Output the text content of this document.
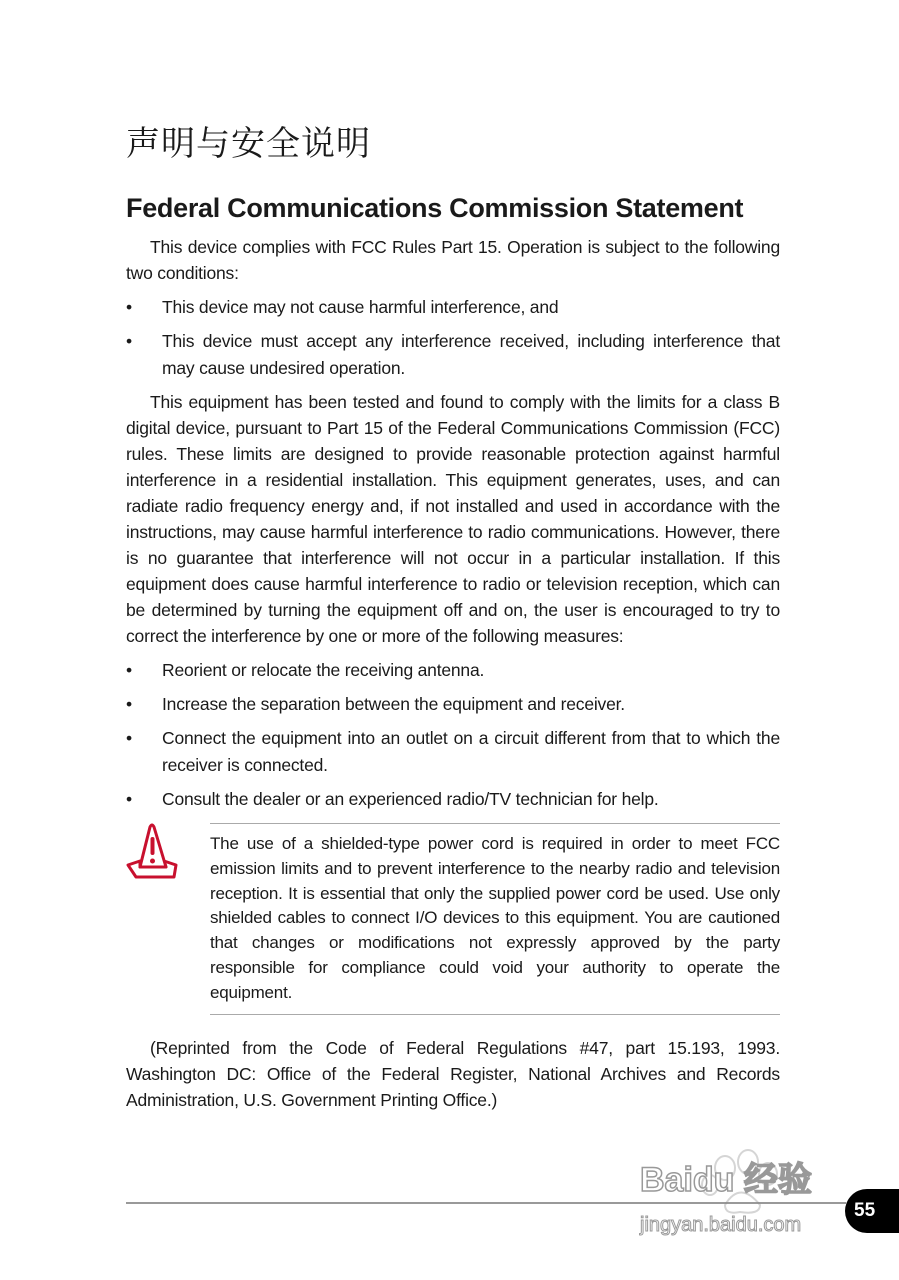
声明与安全说明
Federal Communications Commission Statement
This device complies with FCC Rules Part 15. Operation is subject to the following two conditions:
• This device may not cause harmful interference, and
• This device must accept any interference received, including interference that may cause undesired operation.
This equipment has been tested and found to comply with the limits for a class B digital device, pursuant to Part 15 of the Federal Communications Commission (FCC) rules. These limits are designed to provide reasonable protection against harmful interference in a residential installation. This equipment generates, uses, and can radiate radio frequency energy and, if not installed and used in accordance with the instructions, may cause harmful interference to radio communications. However, there is no guarantee that interference will not occur in a particular installation. If this equipment does cause harmful interference to radio or television reception, which can be determined by turning the equipment off and on, the user is encouraged to try to correct the interference by one or more of the following measures:
• Reorient or relocate the receiving antenna.
• Increase the separation between the equipment and receiver.
• Connect the equipment into an outlet on a circuit different from that to which the receiver is connected.
• Consult the dealer or an experienced radio/TV technician for help.
The use of a shielded-type power cord is required in order to meet FCC emission limits and to prevent interference to the nearby radio and television reception. It is essential that only the supplied power cord be used. Use only shielded cables to connect I/O devices to this equipment. You are cautioned that changes or modifications not expressly approved by the party responsible for compliance could void your authority to operate the equipment.
(Reprinted from the Code of Federal Regulations #47, part 15.193, 1993. Washington DC: Office of the Federal Register, National Archives and Records Administration, U.S. Government Printing Office.)
Baidu 经验
jingyan.baidu.com
55
